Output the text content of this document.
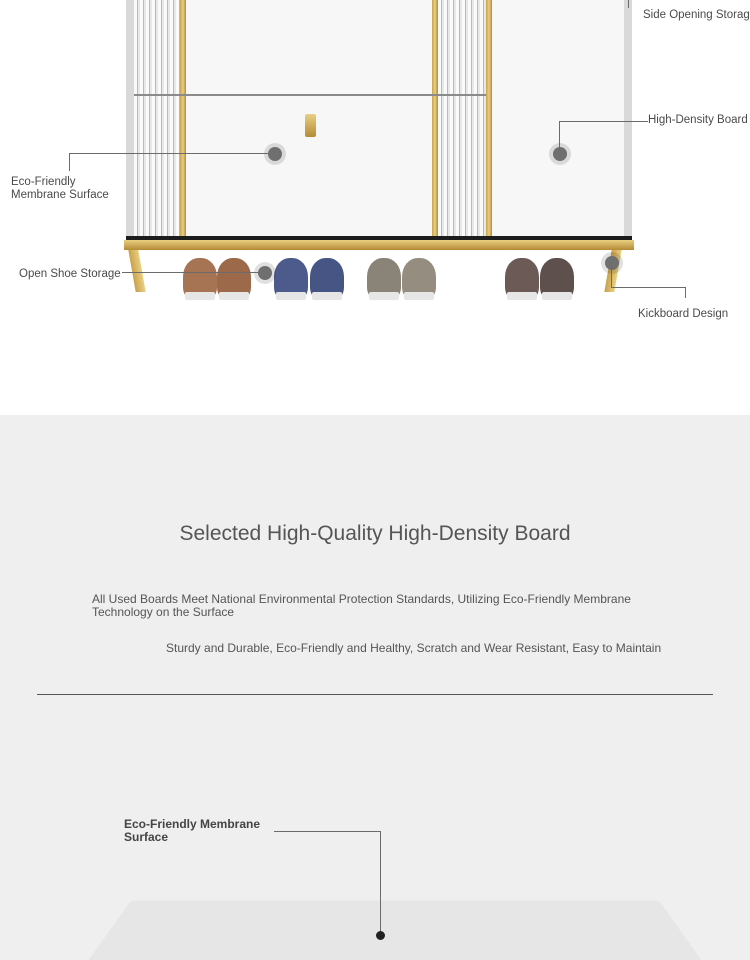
Side Opening Storag
High-Density Board
Eco-Friendly
Membrane Surface
Open Shoe Storage
Kickboard Design
Selected High-Quality High-Density Board
All Used Boards Meet National Environmental Protection Standards, Utilizing Eco-Friendly Membrane
Technology on the Surface
Sturdy and Durable, Eco-Friendly and Healthy, Scratch and Wear Resistant, Easy to Maintain
Eco-Friendly Membrane
Surface
